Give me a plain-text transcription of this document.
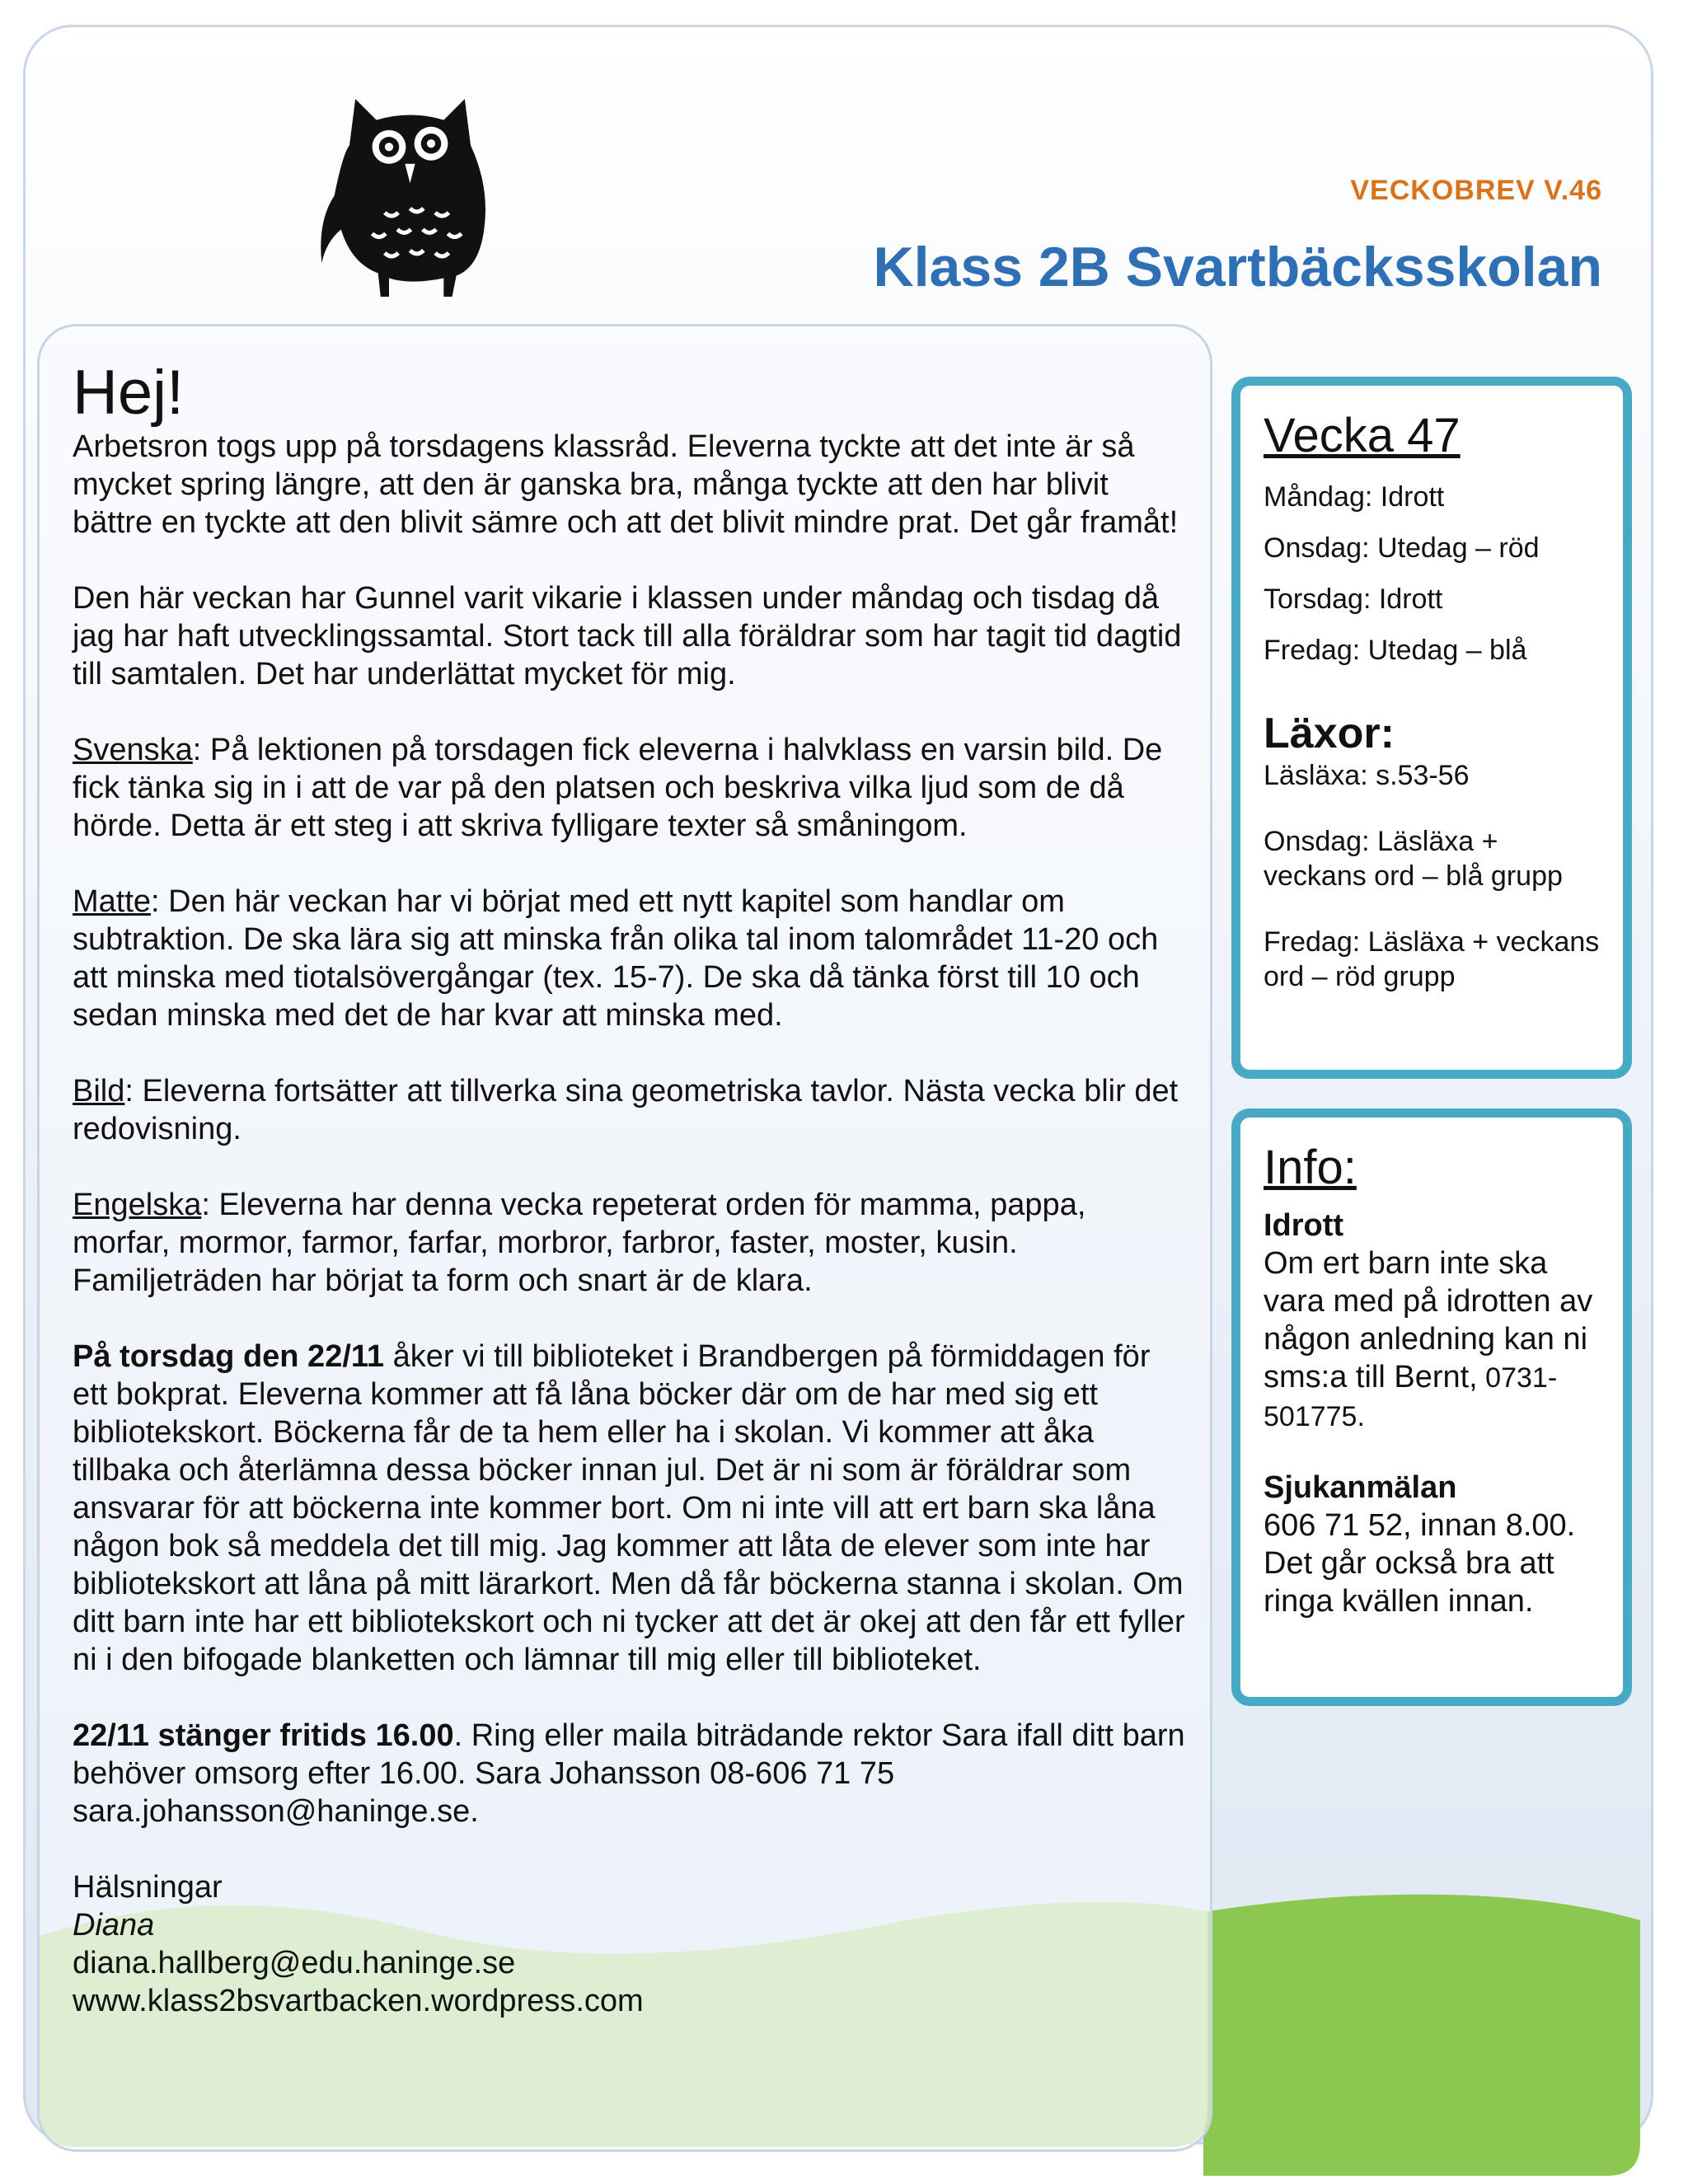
VECKOBREV V.46
Klass 2B Svartbäcksskolan
Hej!

Arbetsron togs upp på torsdagens klassråd. Eleverna tyckte att det inte är så mycket spring längre, att den är ganska bra, många tyckte att den har blivit bättre en tyckte att den blivit sämre och att det blivit mindre prat. Det går framåt!

Den här veckan har Gunnel varit vikarie i klassen under måndag och tisdag då jag har haft utvecklingssamtal. Stort tack till alla föräldrar som har tagit tid dagtid till samtalen. Det har underlättat mycket för mig.

Svenska: På lektionen på torsdagen fick eleverna i halvklass en varsin bild. De fick tänka sig in i att de var på den platsen och beskriva vilka ljud som de då hörde. Detta är ett steg i att skriva fylligare texter så småningom.

Matte: Den här veckan har vi börjat med ett nytt kapitel som handlar om subtraktion. De ska lära sig att minska från olika tal inom talområdet 11-20 och att minska med tiotalsövergångar (tex. 15-7). De ska då tänka först till 10 och sedan minska med det de har kvar att minska med.

Bild: Eleverna fortsätter att tillverka sina geometriska tavlor. Nästa vecka blir det redovisning.

Engelska: Eleverna har denna vecka repeterat orden för mamma, pappa, morfar, mormor, farmor, farfar, morbror, farbror, faster, moster, kusin. Familjeträden har börjat ta form och snart är de klara.

På torsdag den 22/11 åker vi till biblioteket i Brandbergen på förmiddagen för ett bokprat. Eleverna kommer att få låna böcker där om de har med sig ett bibliotekskort. Böckerna får de ta hem eller ha i skolan. Vi kommer att åka tillbaka och återlämna dessa böcker innan jul. Det är ni som är föräldrar som ansvarar för att böckerna inte kommer bort. Om ni inte vill att ert barn ska låna någon bok så meddela det till mig. Jag kommer att låta de elever som inte har bibliotekskort att låna på mitt lärarkort. Men då får böckerna stanna i skolan. Om ditt barn inte har ett bibliotekskort och ni tycker att det är okej att den får ett fyller ni i den bifogade blanketten och lämnar till mig eller till biblioteket.

22/11 stänger fritids 16.00. Ring eller maila biträdande rektor Sara ifall ditt barn behöver omsorg efter 16.00. Sara Johansson 08-606 71 75 sara.johansson@haninge.se.

Hälsningar
Diana
diana.hallberg@edu.haninge.se
www.klass2bsvartbacken.wordpress.com
Vecka 47
Måndag: Idrott
Onsdag: Utedag – röd
Torsdag: Idrott
Fredag: Utedag – blå
Läxor:
Läsläxa: s.53-56
Onsdag: Läsläxa + veckans ord – blå grupp
Fredag: Läsläxa + veckans ord – röd grupp
Info:
Idrott
Om ert barn inte ska vara med på idrotten av någon anledning kan ni sms:a till Bernt, 0731-501775.
Sjukanmälan
606 71 52, innan 8.00. Det går också bra att ringa kvällen innan.
